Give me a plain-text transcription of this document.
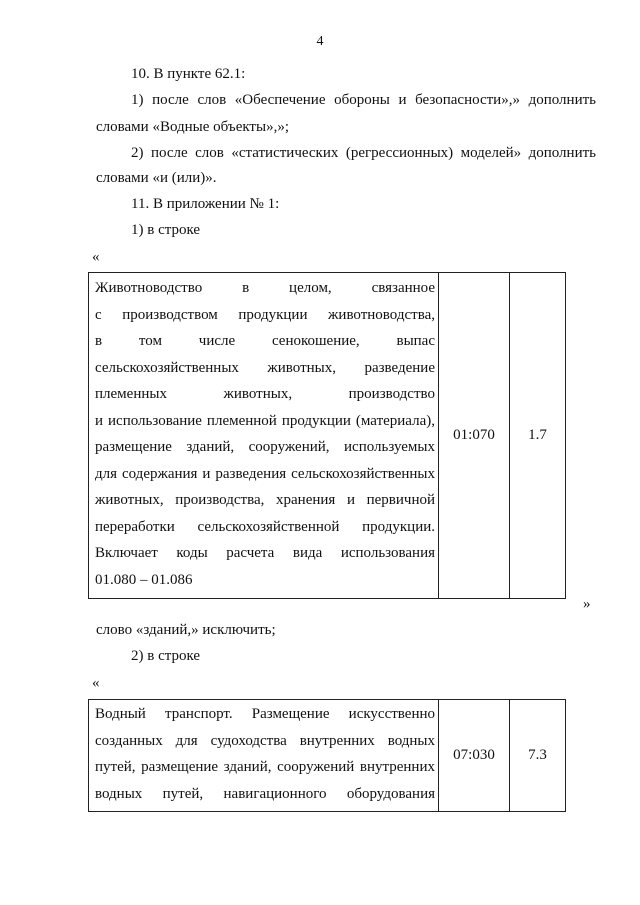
4
10. В пункте 62.1:
1) после слов «Обеспечение обороны и безопасности»,» дополнить
словами «Водные объекты»,»;
2) после слов «статистических (регрессионных) моделей» дополнить
словами «и (или)».
11. В приложении № 1:
1) в строке
«
Животноводство в целом, связанное
с производством продукции животноводства,
в том числе сенокошение, выпас
сельскохозяйственных животных, разведение
племенных животных, производство
и использование племенной продукции (материала),
размещение зданий, сооружений, используемых
для содержания и разведения сельскохозяйственных
животных, производства, хранения и первичной
переработки сельскохозяйственной продукции.
Включает коды расчета вида использования
01.080 – 01.086
	01:070	1.7
»
слово «зданий,» исключить;
2) в строке
«
Водный транспорт. Размещение искусственно
созданных для судоходства внутренних водных
путей, размещение зданий, сооружений внутренних
водных путей, навигационного оборудования
	07:030	7.3
